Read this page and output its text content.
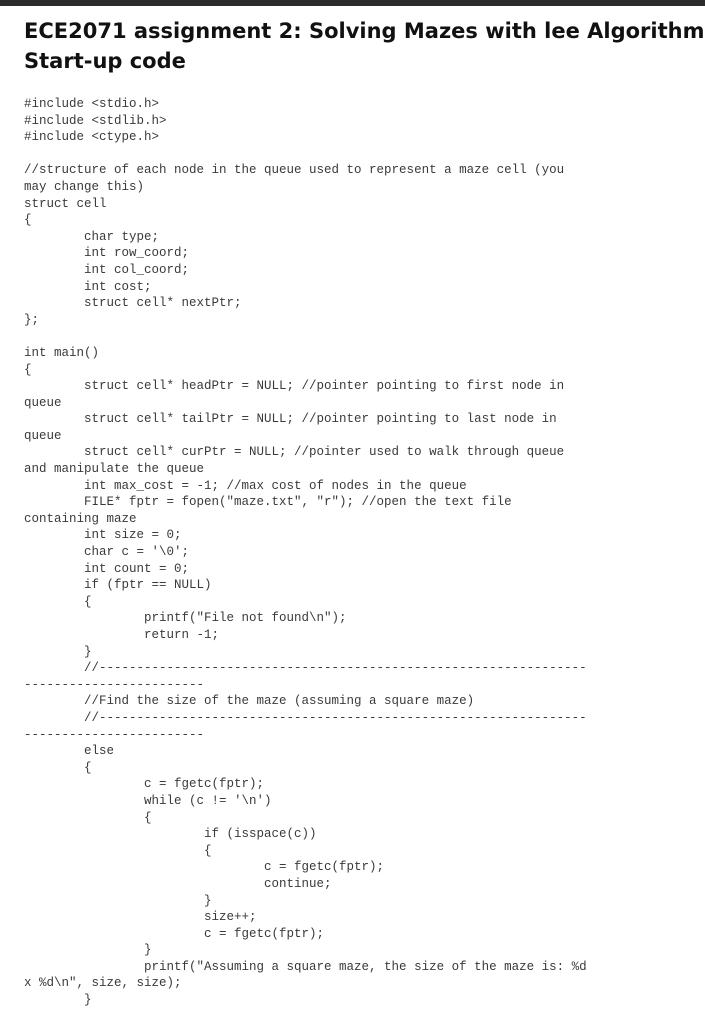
ECE2071 assignment 2: Solving Mazes with lee Algorithm
Start-up code
#include <stdio.h>
#include <stdlib.h>
#include <ctype.h>
//structure of each node in the queue used to represent a maze cell (you
may change this)
struct cell
{
char type;
int row_coord;
int col_coord;
int cost;
struct cell* nextPtr;
};
int main()
{
struct cell* headPtr = NULL; //pointer pointing to first node in
queue
struct cell* tailPtr = NULL; //pointer pointing to last node in
queue
struct cell* curPtr = NULL; //pointer used to walk through queue
and manipulate the queue
int max_cost = -1; //max cost of nodes in the queue
FILE* fptr = fopen("maze.txt", "r"); //open the text file
containing maze
int size = 0;
char c = '\0';
int count = 0;
if (fptr == NULL)
{
printf("File not found\n");
return -1;
}
//-----------------------------------------------------------------
------------------------
//Find the size of the maze (assuming a square maze)
//-----------------------------------------------------------------
------------------------
else
{
c = fgetc(fptr);
while (c != '\n')
{
if (isspace(c))
{
c = fgetc(fptr);
continue;
}
size++;
c = fgetc(fptr);
}
printf("Assuming a square maze, the size of the maze is: %d
x %d\n", size, size);
}
